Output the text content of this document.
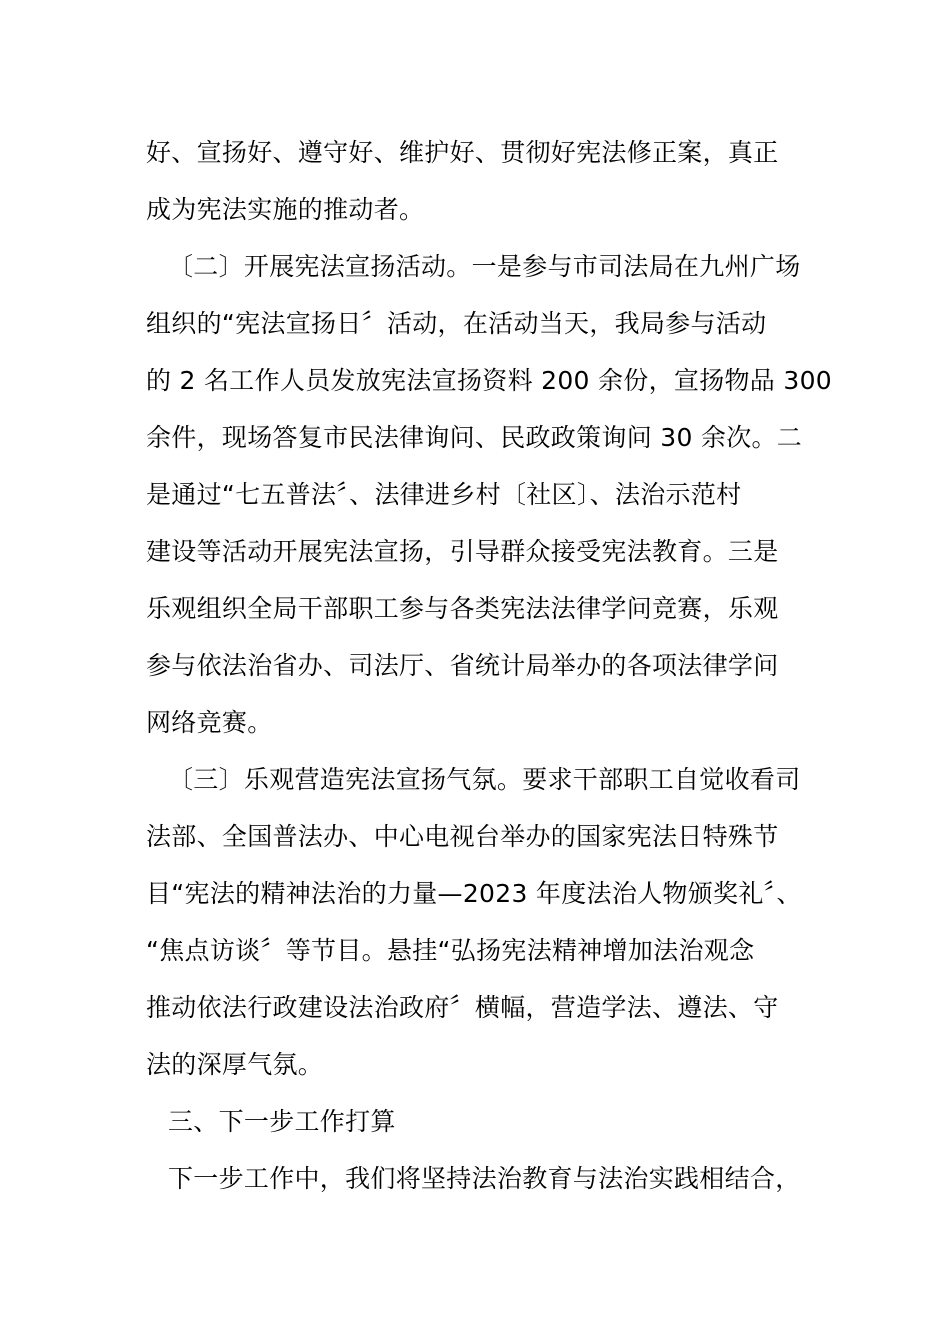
好、宣扬好、遵守好、维护好、贯彻好宪法修正案，真正
成为宪法实施的推动者。
〔二〕开展宪法宣扬活动。一是参与市司法局在九州广场
组织的“宪法宣扬日〞活动，在活动当天，我局参与活动
的 2 名工作人员发放宪法宣扬资料 200 余份，宣扬物品 300
余件，现场答复市民法律询问、民政政策询问 30 余次。二
是通过“七五普法〞、法律进乡村〔社区〕、法治示范村
建设等活动开展宪法宣扬，引导群众接受宪法教育。三是
乐观组织全局干部职工参与各类宪法法律学问竞赛，乐观
参与依法治省办、司法厅、省统计局举办的各项法律学问
网络竞赛。
〔三〕乐观营造宪法宣扬气氛。要求干部职工自觉收看司
法部、全国普法办、中心电视台举办的国家宪法日特殊节
目“宪法的精神法治的力量—2023 年度法治人物颁奖礼〞、
“焦点访谈〞等节目。悬挂“弘扬宪法精神增加法治观念
推动依法行政建设法治政府〞横幅，营造学法、遵法、守
法的深厚气氛。
三、下一步工作打算
下一步工作中，我们将坚持法治教育与法治实践相结合，
